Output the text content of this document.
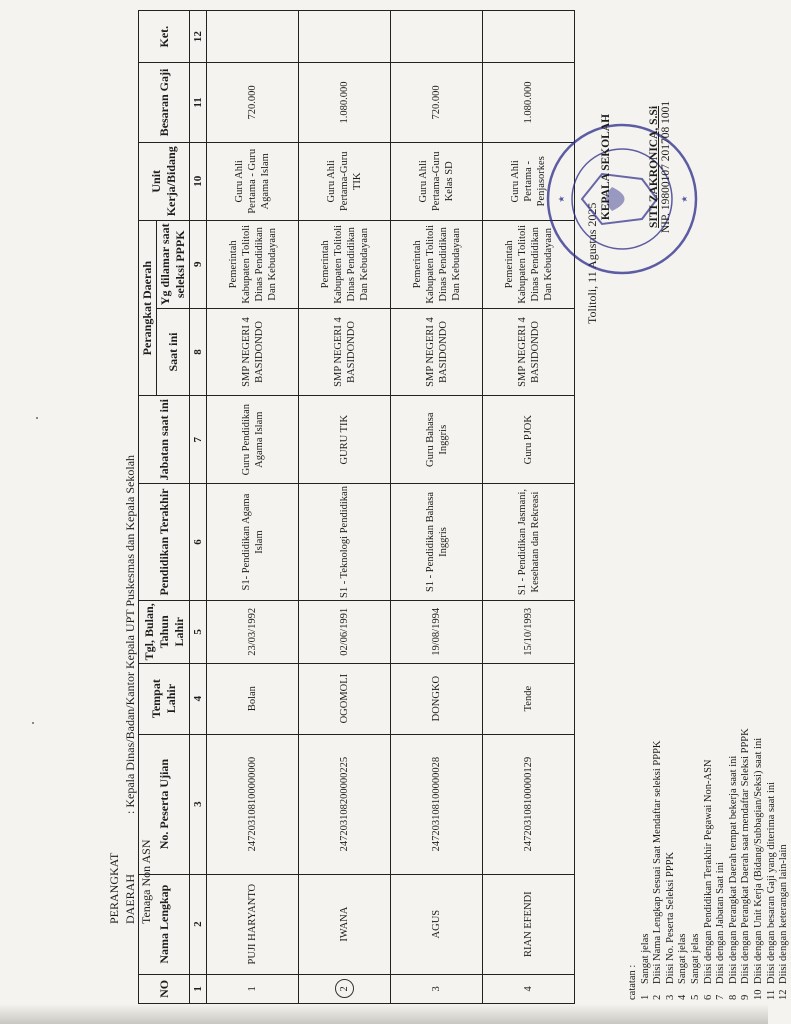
PERANGKAT DAERAH: Kepala Dinas/Badan/Kantor Kepala UPT Puskesmas dan Kepala Sekolah
Tenaga Non ASN
NO	Nama Lengkap	No. Peserta Ujian	Tempat Lahir	Tgl, Bulan, Tahun Lahir	Pendidikan Terakhir	Jabatan saat ini	Perangkat Daerah		Unit Kerja/Bidang	Besaran Gaji	Ket.
							Saat ini	Yg dilamar saat seleksi PPPK			
1	2	3	4	5	6	7	8	9	10	11	12
1	PUJI HARYANTO	247203108100000000	Bolan	23/03/1992	S1- Pendidikan Agama Islam	Guru Pendidikan Agama Islam	SMP NEGERI 4 BASIDONDO	Pemerintah Kabupaten Tolitoli Dinas Pendidikan Dan Kebudayaan	Guru Ahli Pertama - Guru Agama Islam	720.000	
2	IWANA	247203108200000225	OGOMOLI	02/06/1991	S1 - Teknologi Pendidikan	GURU TIK	SMP NEGERI 4 BASIDONDO	Pemerintah Kabupaten Tolitoli Dinas Pendidikan Dan Kebudayaan	Guru Ahli Pertama-Guru TIK	1.080.000	
3	AGUS	247203108100000028	DONGKO	19/08/1994	S1 - Pendidikan Bahasa Inggris	Guru Bahasa Inggris	SMP NEGERI 4 BASIDONDO	Pemerintah Kabupaten Tolitoli Dinas Pendidikan Dan Kebudayaan	Guru Ahli Pertama-Guru Kelas SD	720.000	
4	RIAN EFENDI	247203108100000129	Tende	15/10/1993	S1 - Pendidikan Jasmani, Kesehatan dan Rekreasi	Guru PJOK	SMP NEGERI 4 BASIDONDO	Pemerintah Kabupaten Tolitoli Dinas Pendidikan Dan Kebudayaan	Guru Ahli Pertama - Penjasorkes	1.080.000	
catatan : 1Sangat jelas
2Diisi Nama Lengkap Sesuai Saat Mendaftar seleksi PPPK
3Diisi No. Peserta Seleksi PPPK
4Sangat jelas
5Sangat jelas
6Diisi dengan Pendidikan Terakhir Pegawai Non-ASN
7Diisi dengan Jabatan Saat ini
8Diisi dengan Perangkat Daerah tempat bekerja saat ini
9Diisi dengan Perangkat Daerah saat mendaftar Seleksi PPPK
10Diisi dengan Unit Kerja (Bidang/Subbagian/Seksi) saat ini
11Diisi dengan besaran Gaji yang diterima saat ini
12Diisi dengan keterangan lain-lain
Tolitoli, 11 Agustus 2025
★	★
KEPALA SEKOLAH	SITI ZAKRONICA, S.Si NIP. 19800107 201708 1001
